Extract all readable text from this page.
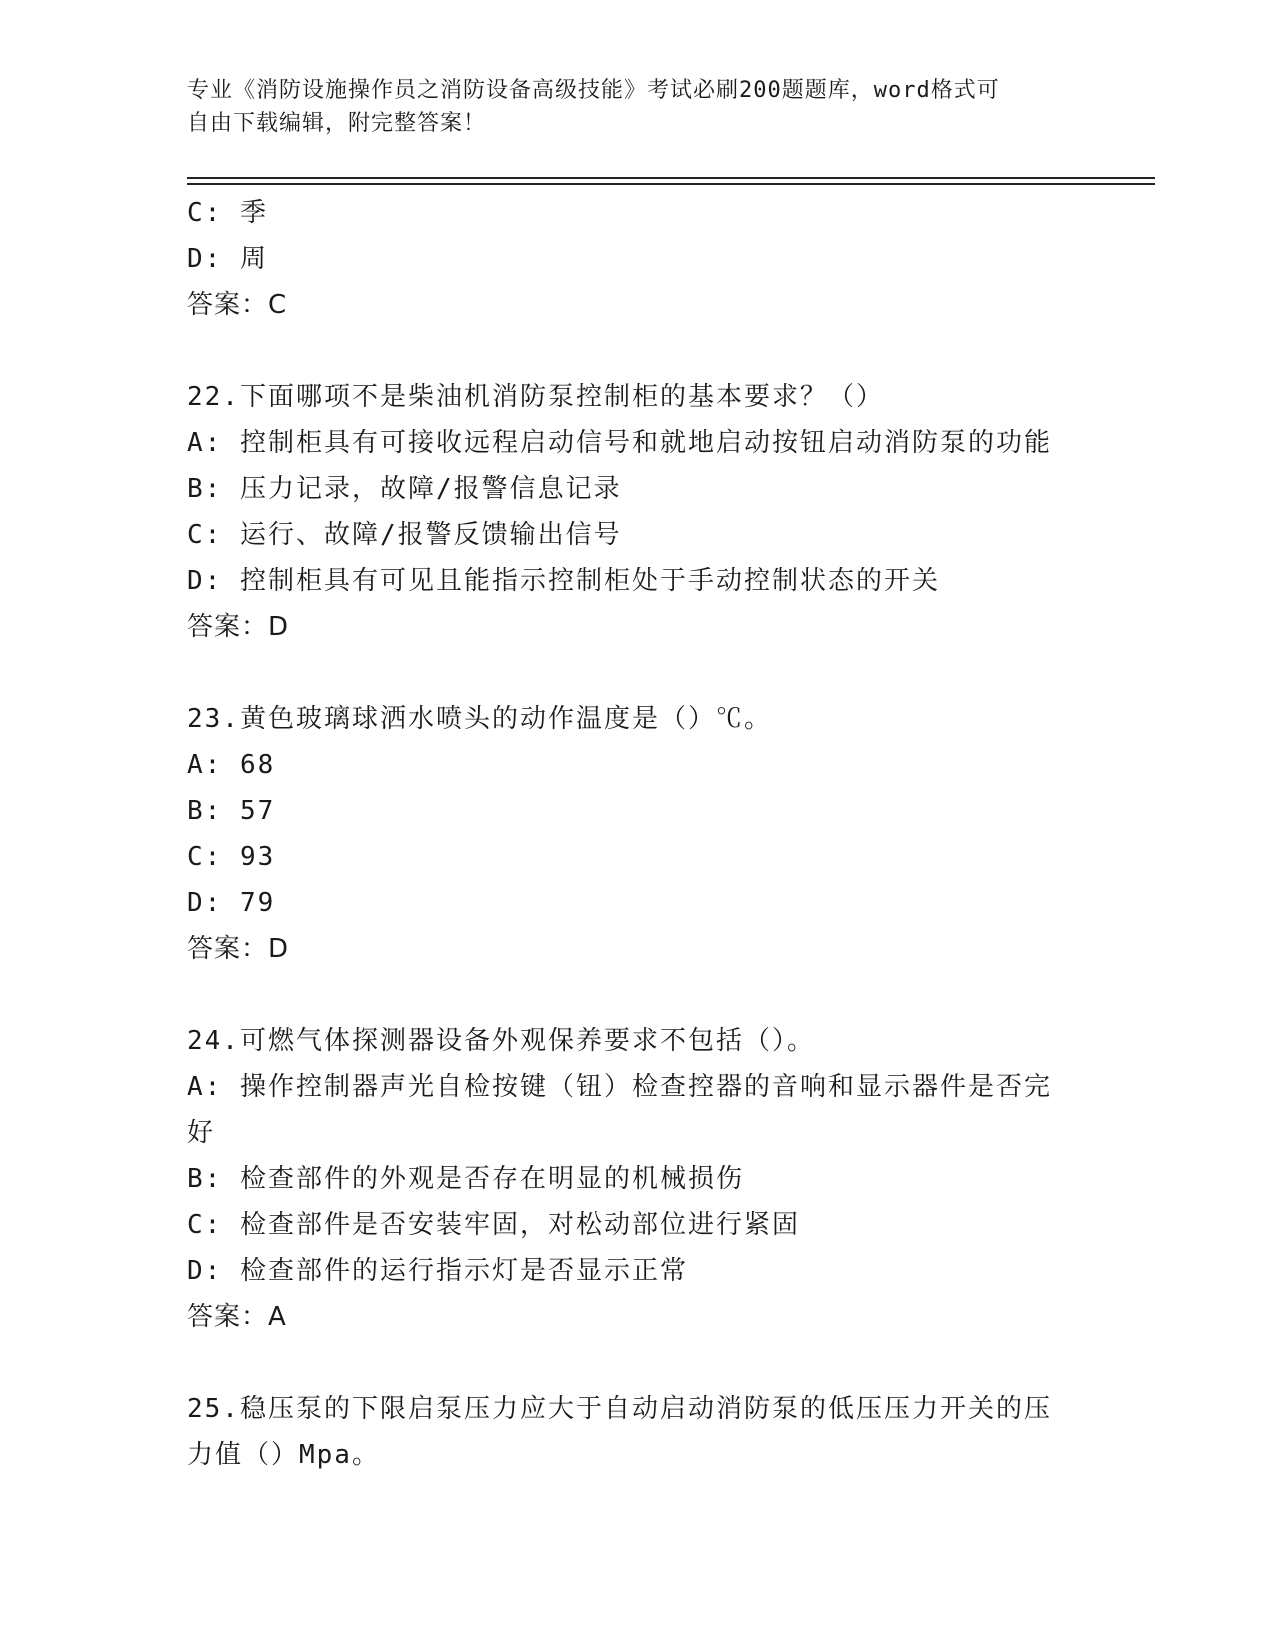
专业《消防设施操作员之消防设备高级技能》考试必刷200题题库，word格式可
自由下载编辑，附完整答案！
C: 季
D: 周
答案：C
22.下面哪项不是柴油机消防泵控制柜的基本要求？（）
A: 控制柜具有可接收远程启动信号和就地启动按钮启动消防泵的功能
B: 压力记录，故障/报警信息记录
C: 运行、故障/报警反馈输出信号
D: 控制柜具有可见且能指示控制柜处于手动控制状态的开关
答案：D
23.黄色玻璃球洒水喷头的动作温度是（）℃。
A: 68
B: 57
C: 93
D: 79
答案：D
24.可燃气体探测器设备外观保养要求不包括（）。
A: 操作控制器声光自检按键（钮）检查控器的音响和显示器件是否完
好
B: 检查部件的外观是否存在明显的机械损伤
C: 检查部件是否安装牢固，对松动部位进行紧固
D: 检查部件的运行指示灯是否显示正常
答案：A
25.稳压泵的下限启泵压力应大于自动启动消防泵的低压压力开关的压
力值（）Mpa。
